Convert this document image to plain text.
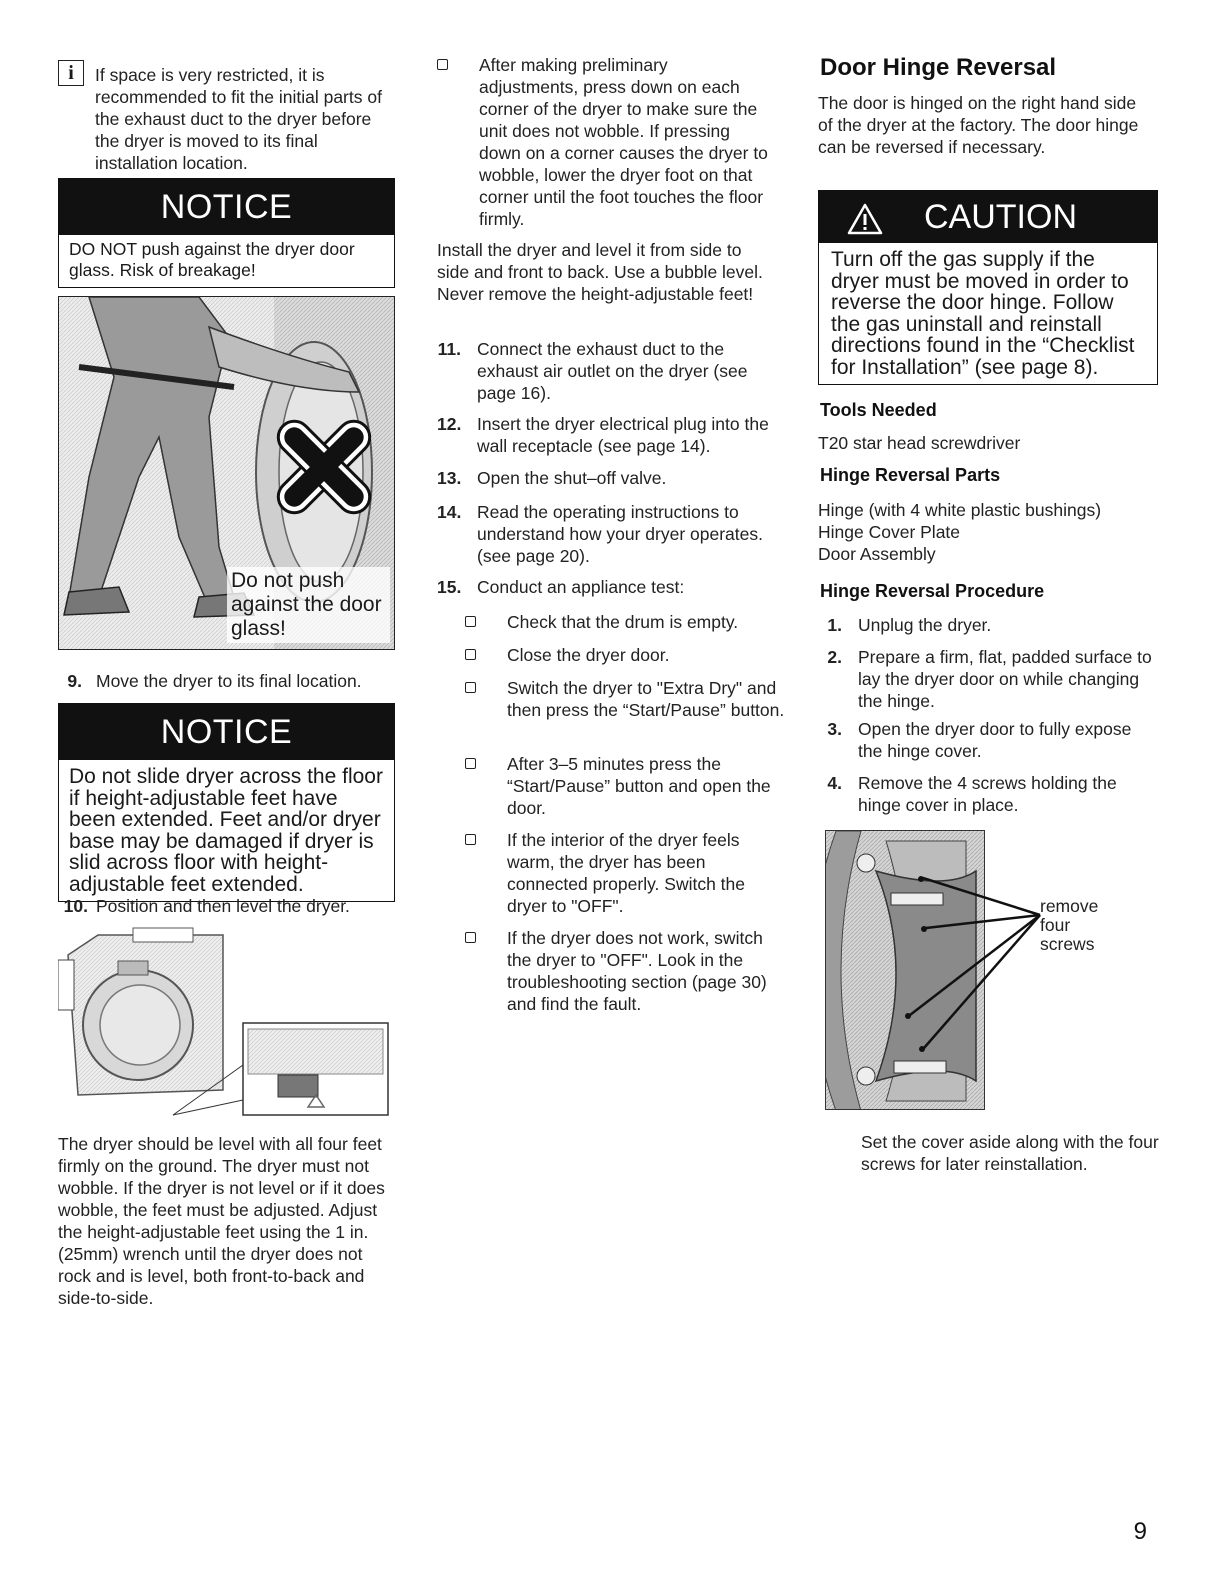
i	If space is very restricted, it is recommended to fit the initial parts of the exhaust duct to the dryer before the dryer is moved to its final installation location.
NOTICE
DO NOT push against the dryer door glass. Risk of breakage!
Do not push against the door glass!
9. Move the dryer to its final location.
NOTICE
Do not slide dryer across the floor if height-adjustable feet have been extended. Feet and/or dryer base may be damaged if dryer is slid across floor with height-adjustable feet extended.
10. Position and then level the dryer.
The dryer should be level with all four feet firmly on the ground. The dryer must not wobble. If the dryer is not level or if it does wobble, the feet must be adjusted. Adjust the height-adjustable feet using the 1 in. (25mm) wrench until the dryer does not rock and is level, both front-to-back and side-to-side.
After making preliminary adjustments, press down on each corner of the dryer to make sure the unit does not wobble. If pressing down on a corner causes the dryer to wobble, lower the dryer foot on that corner until the foot touches the floor firmly.
Install the dryer and level it from side to side and front to back. Use a bubble level. Never remove the height-adjustable feet!
11. Connect the exhaust duct to the exhaust air outlet on the dryer (see page 16).
12. Insert the dryer electrical plug into the wall receptacle (see page 14).
13. Open the shut–off valve.
14. Read the operating instructions to understand how your dryer operates. (see page 20).
15. Conduct an appliance test:
Check that the drum is empty.
Close the dryer door.
Switch the dryer to "Extra Dry" and then press the “Start/Pause” button.
After 3–5 minutes press the “Start/Pause” button and open the door.
If the interior of the dryer feels warm, the dryer has been connected properly. Switch the dryer to "OFF".
If the dryer does not work, switch the dryer to "OFF". Look in the troubleshooting section (page 30) and find the fault.
Door Hinge Reversal
The door is hinged on the right hand side of the dryer at the factory. The door hinge can be reversed if necessary.
CAUTION
Turn off the gas supply if the dryer must be moved in order to reverse the door hinge. Follow the gas uninstall and reinstall directions found in the “Checklist for Installation” (see page 8).
Tools Needed
T20 star head screwdriver
Hinge Reversal Parts
Hinge (with 4 white plastic bushings)
Hinge Cover Plate
Door Assembly
Hinge Reversal Procedure
1. Unplug the dryer.
2. Prepare a firm, flat, padded surface to lay the dryer door on while changing the hinge.
3. Open the dryer door to fully expose the hinge cover.
4. Remove the 4 screws holding the hinge cover in place.
remove
four
screws
Set the cover aside along with the four screws for later reinstallation.
9
